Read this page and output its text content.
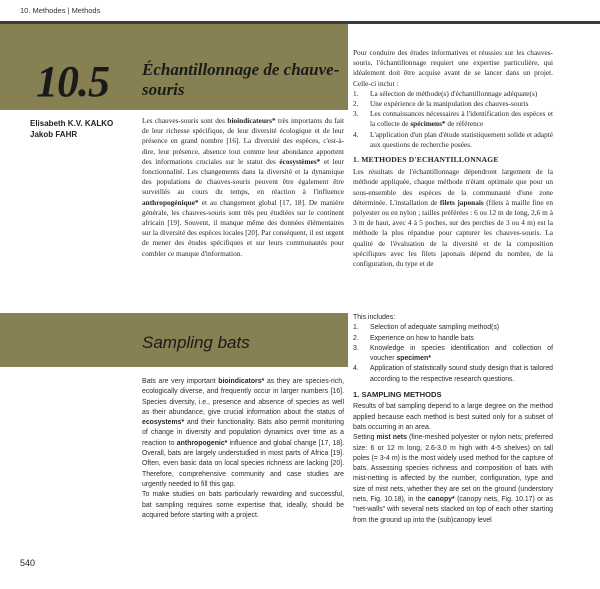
10. Methodes | Methods
10.5 Échantillonnage de chauve-souris
Elisabeth K.V. KALKO
Jakob FAHR

Les chauves-souris sont des bioindicateurs* très importants du fait de leur richesse spécifique, de leur diversité écologique et de leur présence en grand nombre [16]. La diversité des espèces, c'est-à-dire, leur présence, absence tout comme leur abondance apportent des informations cruciales sur le statut des écosystèmes* et leur fonctionnalité. Les changements dans la diversité et la dynamique des populations de chauves-souris peuvent être également être surveillés au cours du temps, en réaction à l'influence anthropogénique* et au changement global [17, 18]. De manière générale, les chauves-souris sont très peu étudiées sur le continent africain [19]. Souvent, il manque même des données élémentaires sur la diversité des espèces locales [20]. Par conséquent, il est urgent de mener des études spécifiques et sur leurs communautés pour combler ce manque d'information.

Pour conduire des études informatives et réussies sur les chauves-souris, l'échantillonnage requiert une expertise particulière, qui idéalement doit être acquise avant de se lancer dans un projet. Celle-ci inclut :

1. La sélection de méthode(s) d'échantillonnage adéquate(s)
2. Une expérience de la manipulation des chauves-souris
3. Les connaissances nécessaires à l'identification des espèces et la collecte de spécimens* de référence
4. L'application d'un plan d'étude statistiquement solide et adapté aux questions de recherche posées.
1. METHODES D'ECHANTILLONNAGE

Les résultats de l'échantillonnage dépendront largement de la méthode appliquée, chaque méthode n'étant optimale que pour un sous-ensemble des espèces de la communauté d'une zone déterminée. L'installation de filets japonais (filets à maille fine en polyester ou en nylon ; tailles préférées : 6 ou 12 m de long, 2,6 m à 3 m de haut, avec 4 à 5 poches, sur des perches de 3 ou 4 m) est la méthode la plus répandue pour capturer les chauves-souris. La qualité de l'évaluation de la diversité et de la composition spécifiques avec les filets japonais dépend du nombre, de la configuration, du type et de

Sampling bats

Bats are very important bioindicators* as they are species-rich, ecologically diverse, and frequently occur in larger numbers [16]. Species diversity, i.e., presence and absence of species as well as their abundance, give crucial information about the status of ecosystems* and their functionality. Bats also permit monitoring of change in diversity and population dynamics over time as a reaction to anthropogenic* influence and global change [17, 18]. Overall, bats are largely understudied in most parts of Africa [19]. Often, even basic data on local species richness are lacking [20]. Therefore, comprehensive community and case studies are urgently needed to fill this gap.

To make studies on bats particularly rewarding and successful, bat sampling requires some expertise that, ideally, should be acquired before starting with a project.

This includes:

1. Selection of adequate sampling method(s)
2. Experience on how to handle bats
3. Knowledge in species identification and collection of voucher specimen*
4. Application of statistically sound study design that is tailored according to the respective research questions.
1. SAMPLING METHODS

Results of bat sampling depend to a large degree on the method applied because each method is best suited only for a subset of bats occurring in an area.

Setting mist nets (fine-meshed polyester or nylon nets; preferred size: 6 or 12 m long, 2.6-3.0 m high with 4-5 shelves) on tall poles (= 3-4 m) is the most widely used method for the capture of bats. Assessing species richness and composition of bats with mist-netting is affected by the number, configuration, type and size of mist nets, whether they are set on the ground (understory nets, Fig. 10.18), in the canopy* (canopy nets, Fig. 10.17) or as "net-walls" with several nets stacked on top of each other starting from the ground up into the (sub)canopy level

540
